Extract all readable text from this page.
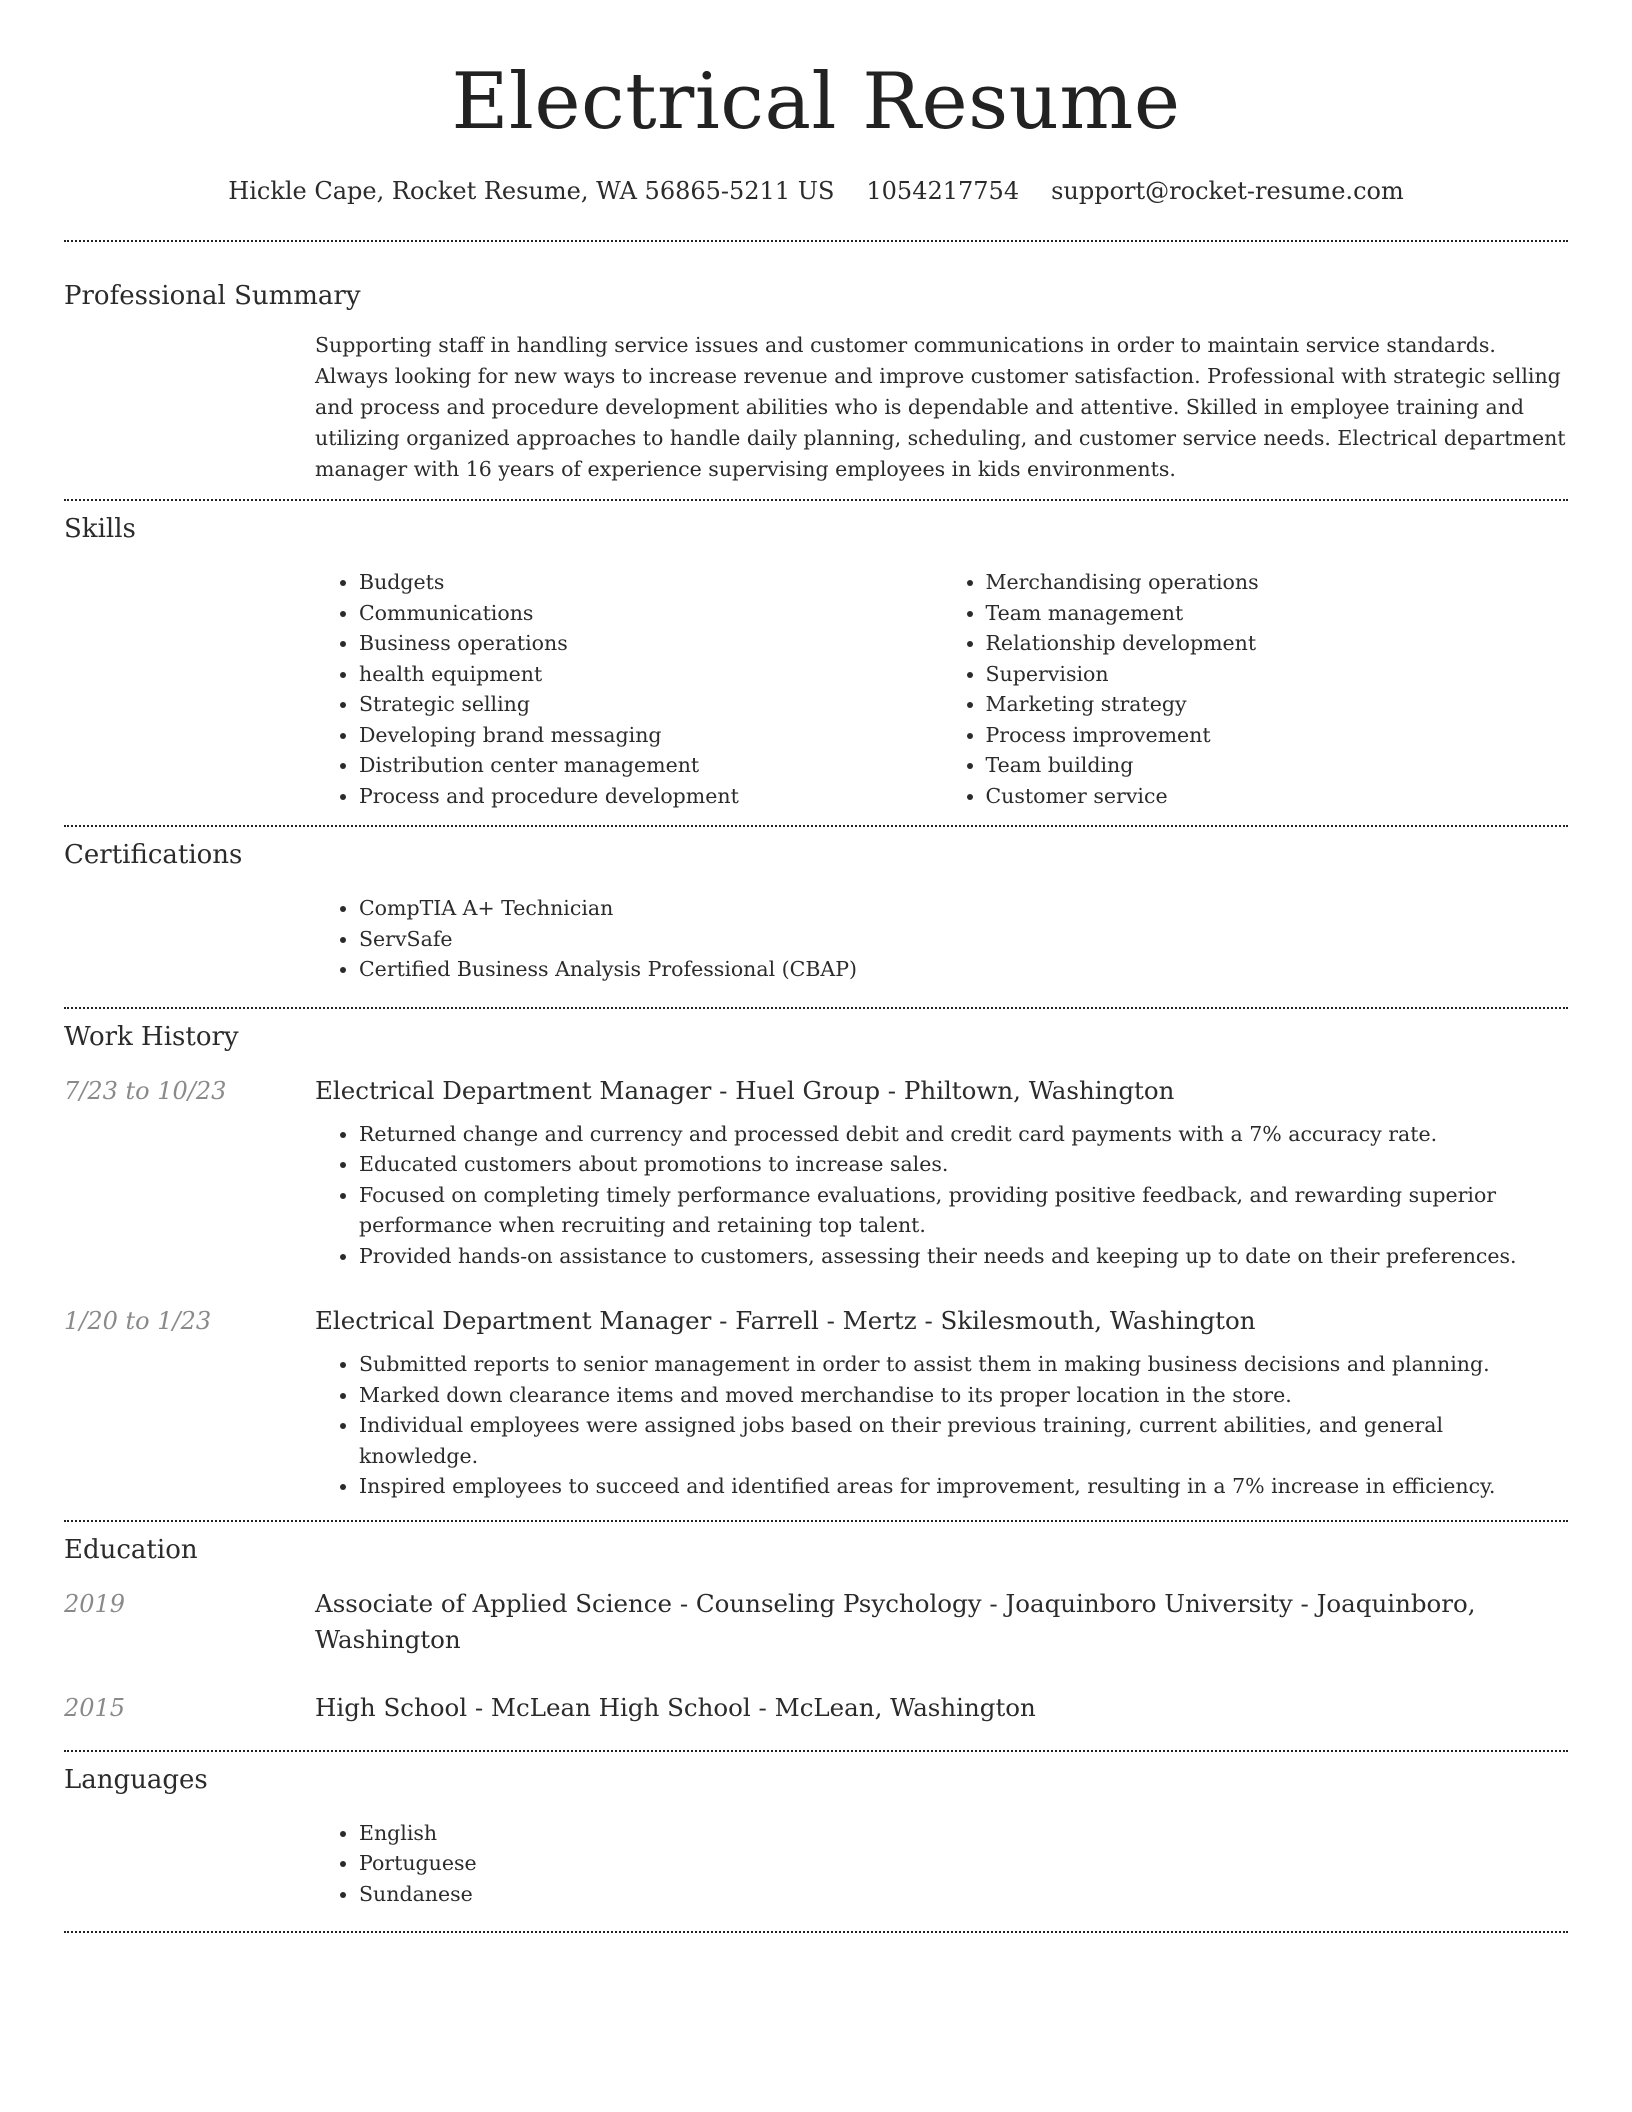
Electrical Resume
Hickle Cape, Rocket Resume, WA 56865-5211 US 1054217754 support@rocket-resume.com
Professional Summary

Supporting staff in handling service issues and customer communications in order to maintain service standards. Always looking for new ways to increase revenue and improve customer satisfaction. Professional with strategic selling and process and procedure development abilities who is dependable and attentive. Skilled in employee training and utilizing organized approaches to handle daily planning, scheduling, and customer service needs. Electrical department manager with 16 years of experience supervising employees in kids environments.

Skills
• Budgets
• Communications
• Business operations
• health equipment
• Strategic selling
• Developing brand messaging
• Distribution center management
• Process and procedure development
• Merchandising operations
• Team management
• Relationship development
• Supervision
• Marketing strategy
• Process improvement
• Team building
• Customer service
Certifications
• CompTIA A+ Technician
• ServSafe
• Certified Business Analysis Professional (CBAP)
Work History
7/23 to 10/23	Electrical Department Manager - Huel Group - Philtown, Washington

• Returned change and currency and processed debit and credit card payments with a 7% accuracy rate.
• Educated customers about promotions to increase sales.
• Focused on completing timely performance evaluations, providing positive feedback, and rewarding superior performance when recruiting and retaining top talent.
• Provided hands-on assistance to customers, assessing their needs and keeping up to date on their preferences.
1/20 to 1/23	Electrical Department Manager - Farrell - Mertz - Skilesmouth, Washington

• Submitted reports to senior management in order to assist them in making business decisions and planning.
• Marked down clearance items and moved merchandise to its proper location in the store.
• Individual employees were assigned jobs based on their previous training, current abilities, and general knowledge.
• Inspired employees to succeed and identified areas for improvement, resulting in a 7% increase in efficiency.
Education
2019	Associate of Applied Science - Counseling Psychology - Joaquinboro University - Joaquinboro, Washington

2015	High School - McLean High School - McLean, Washington

Languages
• English
• Portuguese
• Sundanese
